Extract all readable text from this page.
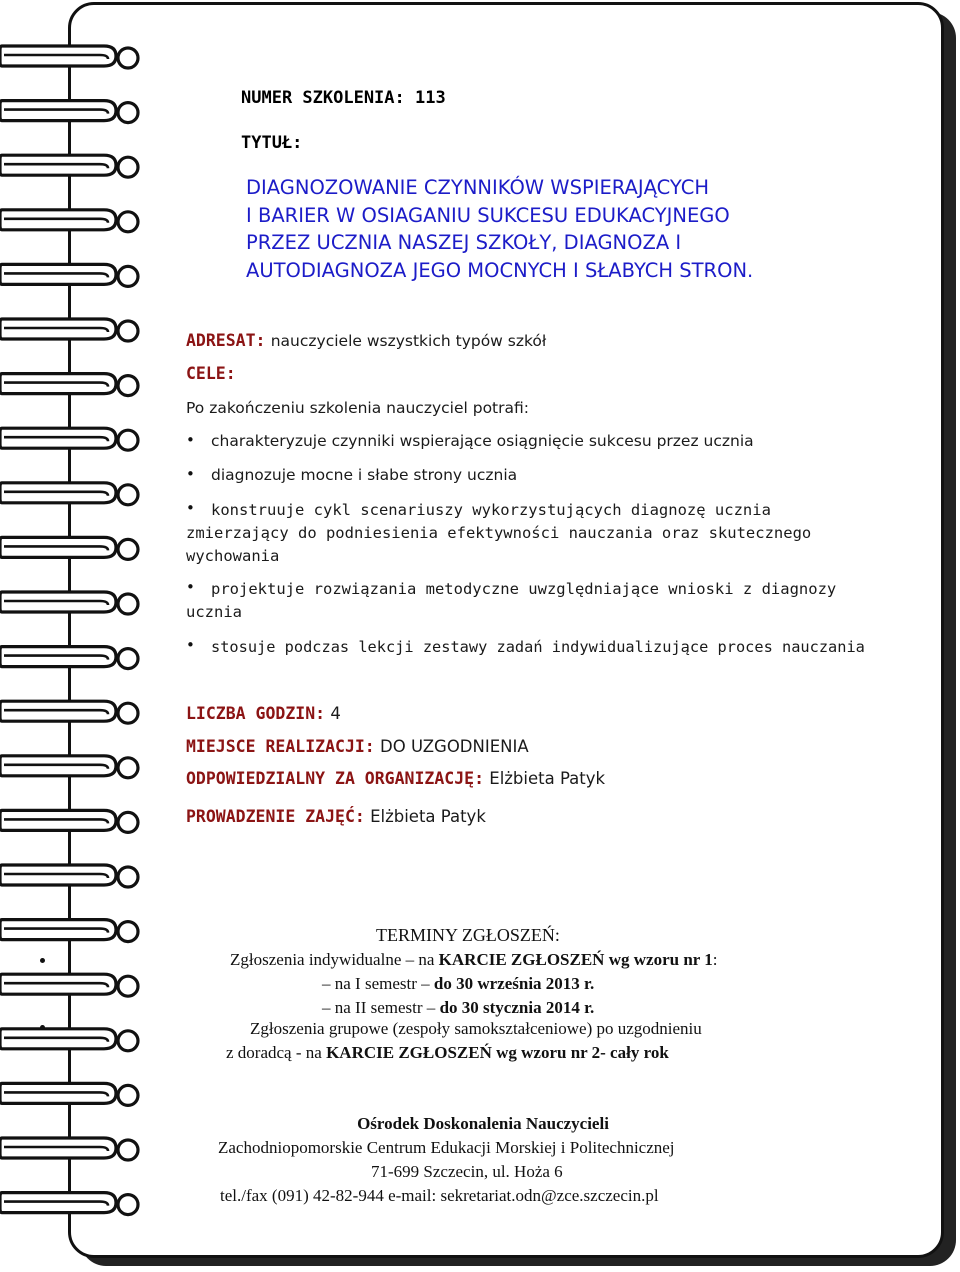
NUMER SZKOLENIA: 113
TYTUŁ:
DIAGNOZOWANIE CZYNNIKÓW WSPIERAJĄCYCH
I BARIER W OSIAGANIU SUKCESU EDUKACYJNEGO
PRZEZ UCZNIA NASZEJ SZKOŁY, DIAGNOZA I
AUTODIAGNOZA JEGO MOCNYCH I SŁABYCH STRON.
ADRESAT: nauczyciele wszystkich typów szkół
CELE:
Po zakończeniu szkolenia nauczyciel potrafi:
• charakteryzuje czynniki wspierające osiągnięcie sukcesu przez ucznia
• diagnozuje mocne i słabe strony ucznia
• konstruuje cykl scenariuszy wykorzystujących diagnozę ucznia
zmierzający do podniesienia efektywności nauczania oraz skutecznego
wychowania
• projektuje rozwiązania metodyczne uwzględniające wnioski z diagnozy
ucznia
• stosuje podczas lekcji zestawy zadań indywidualizujące proces nauczania
LICZBA GODZIN: 4
MIEJSCE REALIZACJI: DO UZGODNIENIA
ODPOWIEDZIALNY ZA ORGANIZACJĘ: Elżbieta Patyk
PROWADZENIE ZAJĘĆ: Elżbieta Patyk
TERMINY ZGŁOSZEŃ:
Zgłoszenia indywidualne – na KARCIE ZGŁOSZEŃ wg wzoru nr 1:
– na I semestr – do 30 września 2013 r.
– na II semestr – do 30 stycznia 2014 r.
Zgłoszenia grupowe (zespoły samokształceniowe) po uzgodnieniu
z doradcą - na KARCIE ZGŁOSZEŃ wg wzoru nr 2- cały rok
Ośrodek Doskonalenia Nauczycieli
Zachodniopomorskie Centrum Edukacji Morskiej i Politechnicznej
71-699 Szczecin, ul. Hoża 6
tel./fax (091) 42-82-944 e-mail: sekretariat.odn@zce.szczecin.pl
